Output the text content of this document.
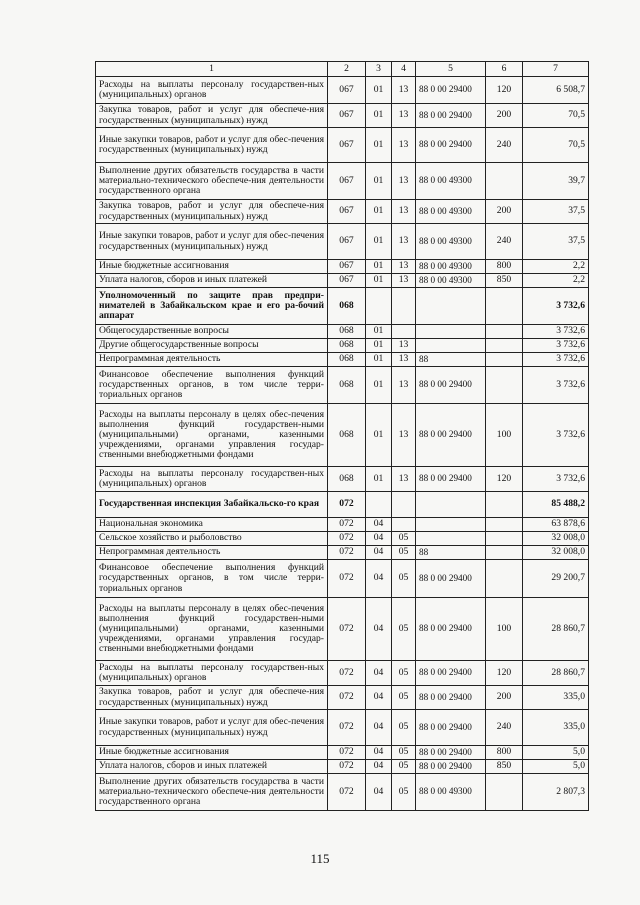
1	2	3	4	5	6	7
Расходы на выплаты персоналу государствен-ных (муниципальных) органов	067	01	13	88 0 00 29400	120	6 508,7
Закупка товаров, работ и услуг для обеспече-ния государственных (муниципальных) нужд	067	01	13	88 0 00 29400	200	70,5
Иные закупки товаров, работ и услуг для обес-печения государственных (муниципальных) нужд	067	01	13	88 0 00 29400	240	70,5
Выполнение других обязательств государства в части материально-технического обеспече-ния деятельности государственного органа	067	01	13	88 0 00 49300		39,7
Закупка товаров, работ и услуг для обеспече-ния государственных (муниципальных) нужд	067	01	13	88 0 00 49300	200	37,5
Иные закупки товаров, работ и услуг для обес-печения государственных (муниципальных) нужд	067	01	13	88 0 00 49300	240	37,5
Иные бюджетные ассигнования	067	01	13	88 0 00 49300	800	2,2
Уплата налогов, сборов и иных платежей	067	01	13	88 0 00 49300	850	2,2
Уполномоченный по защите прав предпри-нимателей в Забайкальском крае и его ра-бочий аппарат	068					3 732,6
Общегосударственные вопросы	068	01				3 732,6
Другие общегосударственные вопросы	068	01	13			3 732,6
Непрограммная деятельность	068	01	13	88		3 732,6
Финансовое обеспечение выполнения функций государственных органов, в том числе терри-ториальных органов	068	01	13	88 0 00 29400		3 732,6
Расходы на выплаты персоналу в целях обес-печения выполнения функций государствен-ными (муниципальными) органами, казенными учреждениями, органами управления государ-ственными внебюджетными фондами	068	01	13	88 0 00 29400	100	3 732,6
Расходы на выплаты персоналу государствен-ных (муниципальных) органов	068	01	13	88 0 00 29400	120	3 732,6
Государственная инспекция Забайкальско-го края	072					85 488,2
Национальная экономика	072	04				63 878,6
Сельское хозяйство и рыболовство	072	04	05			32 008,0
Непрограммная деятельность	072	04	05	88		32 008,0
Финансовое обеспечение выполнения функций государственных органов, в том числе терри-ториальных органов	072	04	05	88 0 00 29400		29 200,7
Расходы на выплаты персоналу в целях обес-печения выполнения функций государствен-ными (муниципальными) органами, казенными учреждениями, органами управления государ-ственными внебюджетными фондами	072	04	05	88 0 00 29400	100	28 860,7
Расходы на выплаты персоналу государствен-ных (муниципальных) органов	072	04	05	88 0 00 29400	120	28 860,7
Закупка товаров, работ и услуг для обеспече-ния государственных (муниципальных) нужд	072	04	05	88 0 00 29400	200	335,0
Иные закупки товаров, работ и услуг для обес-печения государственных (муниципальных) нужд	072	04	05	88 0 00 29400	240	335,0
Иные бюджетные ассигнования	072	04	05	88 0 00 29400	800	5,0
Уплата налогов, сборов и иных платежей	072	04	05	88 0 00 29400	850	5,0
Выполнение других обязательств государства в части материально-технического обеспече-ния деятельности государственного органа	072	04	05	88 0 00 49300		2 807,3
115
